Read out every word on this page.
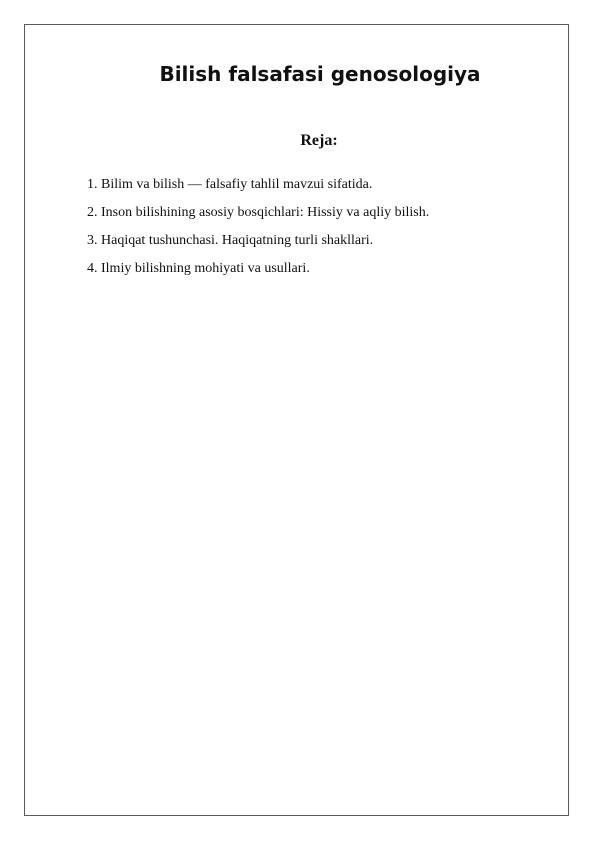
Bilish falsafasi genosologiya
Reja:
1. Bilim va bilish — falsafiy tahlil mavzui sifatida.
2. Inson bilishining asosiy bosqichlari: Hissiy va aqliy bilish.
3. Haqiqat tushunchasi. Haqiqatning turli shakllari.
4. Ilmiy bilishning mohiyati va usullari.
